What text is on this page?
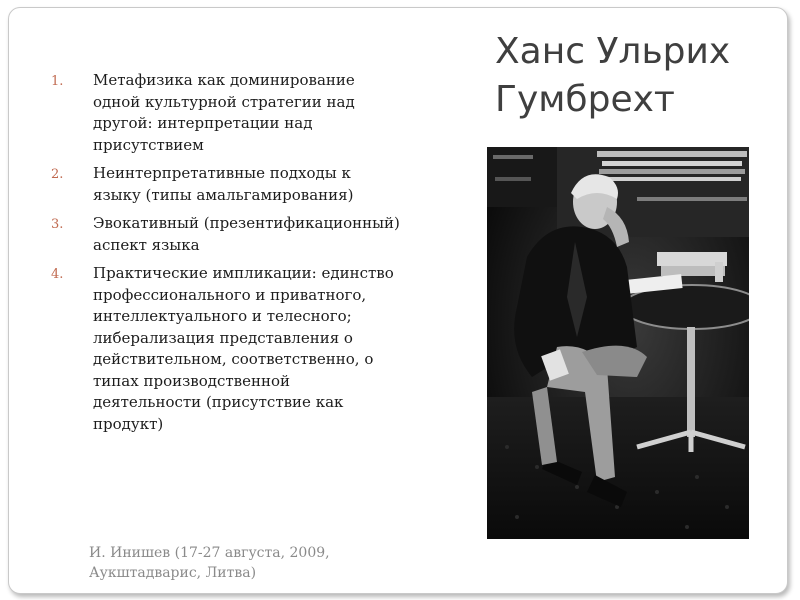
Ханс Ульрих
Гумбрехт
1. Метафизика как доминирование одной культурной стратегии над другой: интерпретации над присутствием
2. Неинтерпретативные подходы к языку (типы амальгамирования)
3. Эвокативный (презентификационный) аспект языка
4. Практические импликации: единство профессионального и приватного, интеллектуального и телесного; либерализация представления о действительном, соответственно, о типах производственной деятельности (присутствие как продукт)
И. Инишев (17-27 августа, 2009,
Аукштадварис, Литва)
